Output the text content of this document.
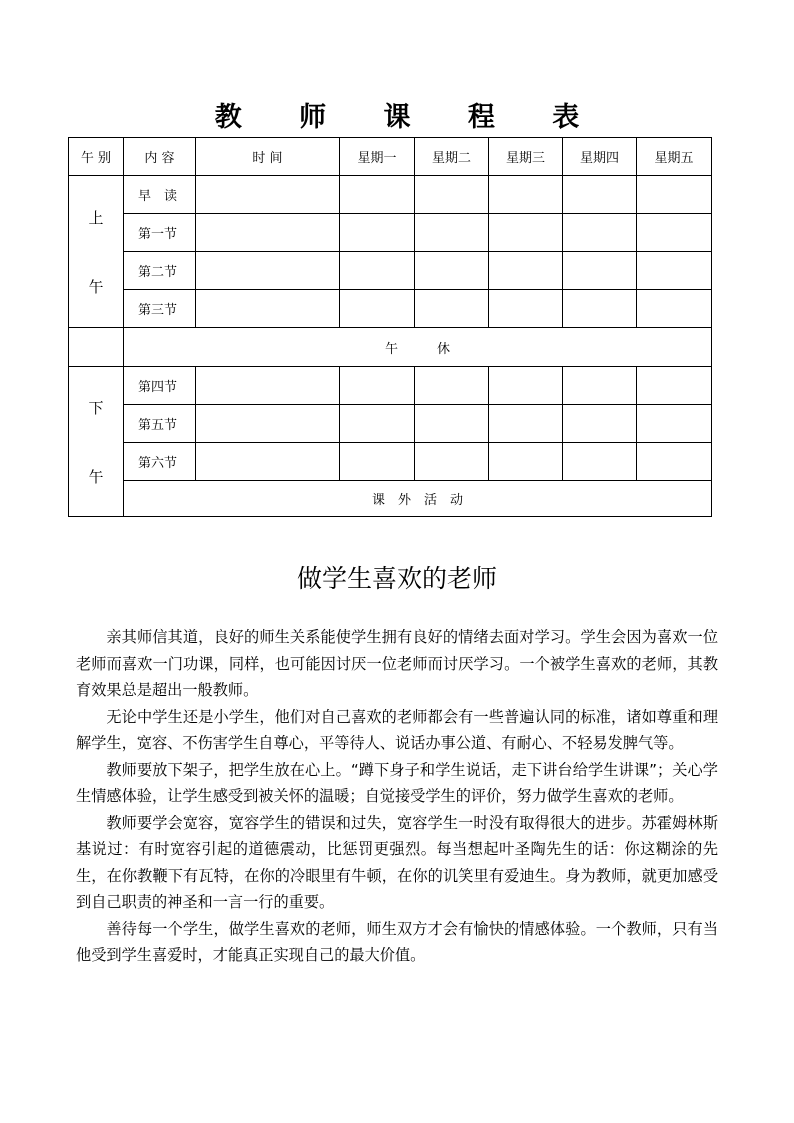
教 师 课 程 表
午 别	内 容	时 间	星期一	星期二	星期三	星期四	星期五

上
午	早　读						
	第一节						
	第二节						
	第三节						
	午　　　休						

下
午	第四节						
	第五节						
	第六节						
	课　外　活　动						
做学生喜欢的老师

亲其师信其道，良好的师生关系能使学生拥有良好的情绪去面对学习。学生会因为喜欢一位老师而喜欢一门功课，同样，也可能因讨厌一位老师而讨厌学习。一个被学生喜欢的老师，其教育效果总是超出一般教师。

无论中学生还是小学生，他们对自己喜欢的老师都会有一些普遍认同的标准，诸如尊重和理解学生，宽容、不伤害学生自尊心，平等待人、说话办事公道、有耐心、不轻易发脾气等。

教师要放下架子，把学生放在心上。“蹲下身子和学生说话，走下讲台给学生讲课”；关心学生情感体验，让学生感受到被关怀的温暖；自觉接受学生的评价，努力做学生喜欢的老师。

教师要学会宽容，宽容学生的错误和过失，宽容学生一时没有取得很大的进步。苏霍姆林斯基说过：有时宽容引起的道德震动，比惩罚更强烈。每当想起叶圣陶先生的话：你这糊涂的先生，在你教鞭下有瓦特，在你的冷眼里有牛顿，在你的讥笑里有爱迪生。身为教师，就更加感受到自己职责的神圣和一言一行的重要。

善待每一个学生，做学生喜欢的老师，师生双方才会有愉快的情感体验。一个教师，只有当他受到学生喜爱时，才能真正实现自己的最大价值。
